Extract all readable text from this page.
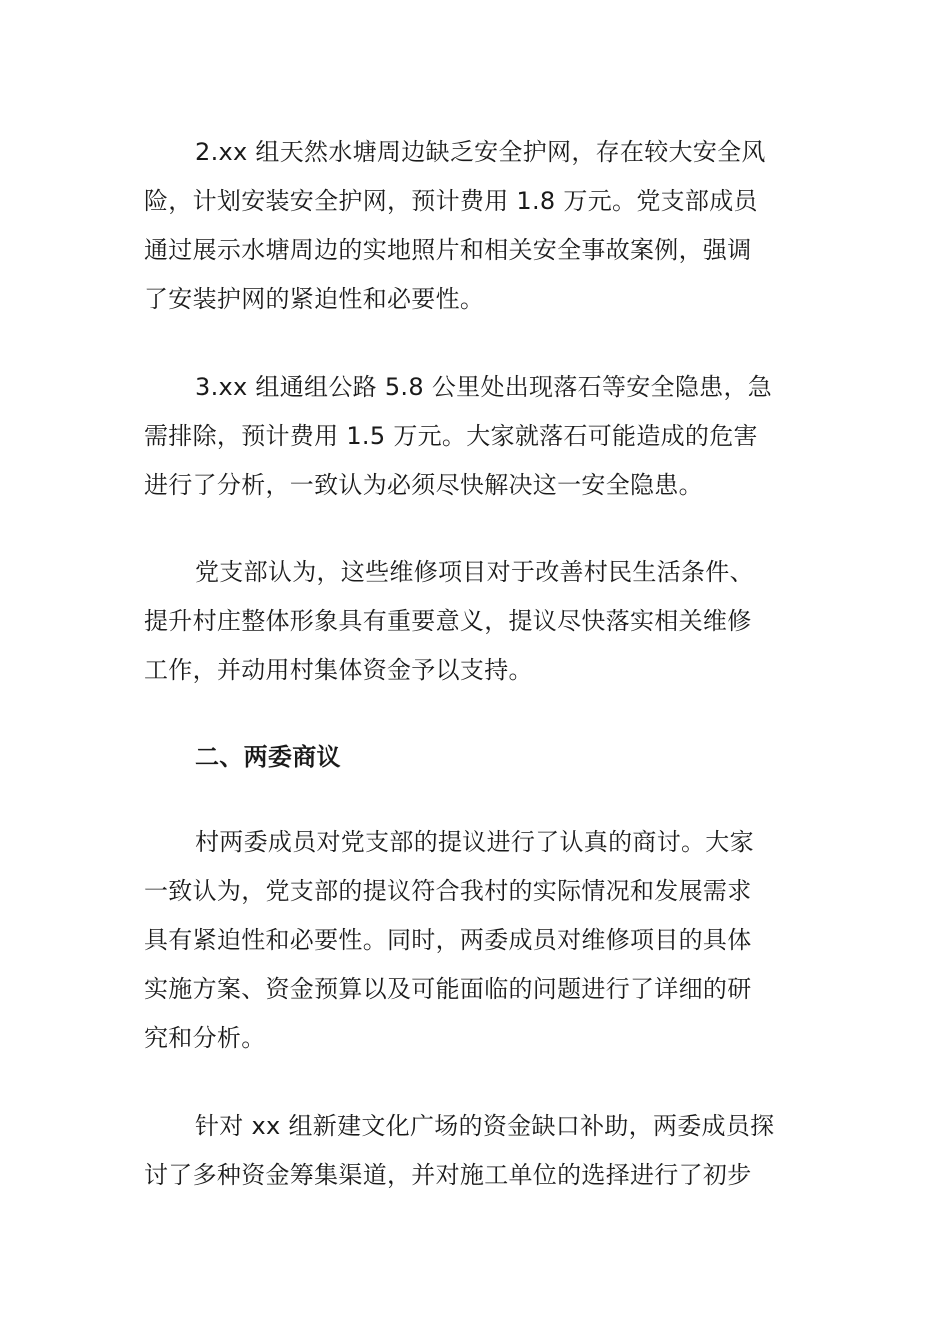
2.xx 组天然水塘周边缺乏安全护网，存在较大安全风
险，计划安装安全护网，预计费用 1.8 万元。党支部成员
通过展示水塘周边的实地照片和相关安全事故案例，强调
了安装护网的紧迫性和必要性。
3.xx 组通组公路 5.8 公里处出现落石等安全隐患，急
需排除，预计费用 1.5 万元。大家就落石可能造成的危害
进行了分析，一致认为必须尽快解决这一安全隐患。
党支部认为，这些维修项目对于改善村民生活条件、
提升村庄整体形象具有重要意义，提议尽快落实相关维修
工作，并动用村集体资金予以支持。
二、两委商议
村两委成员对党支部的提议进行了认真的商讨。大家
一致认为，党支部的提议符合我村的实际情况和发展需求
具有紧迫性和必要性。同时，两委成员对维修项目的具体
实施方案、资金预算以及可能面临的问题进行了详细的研
究和分析。
针对 xx 组新建文化广场的资金缺口补助，两委成员探
讨了多种资金筹集渠道，并对施工单位的选择进行了初步
